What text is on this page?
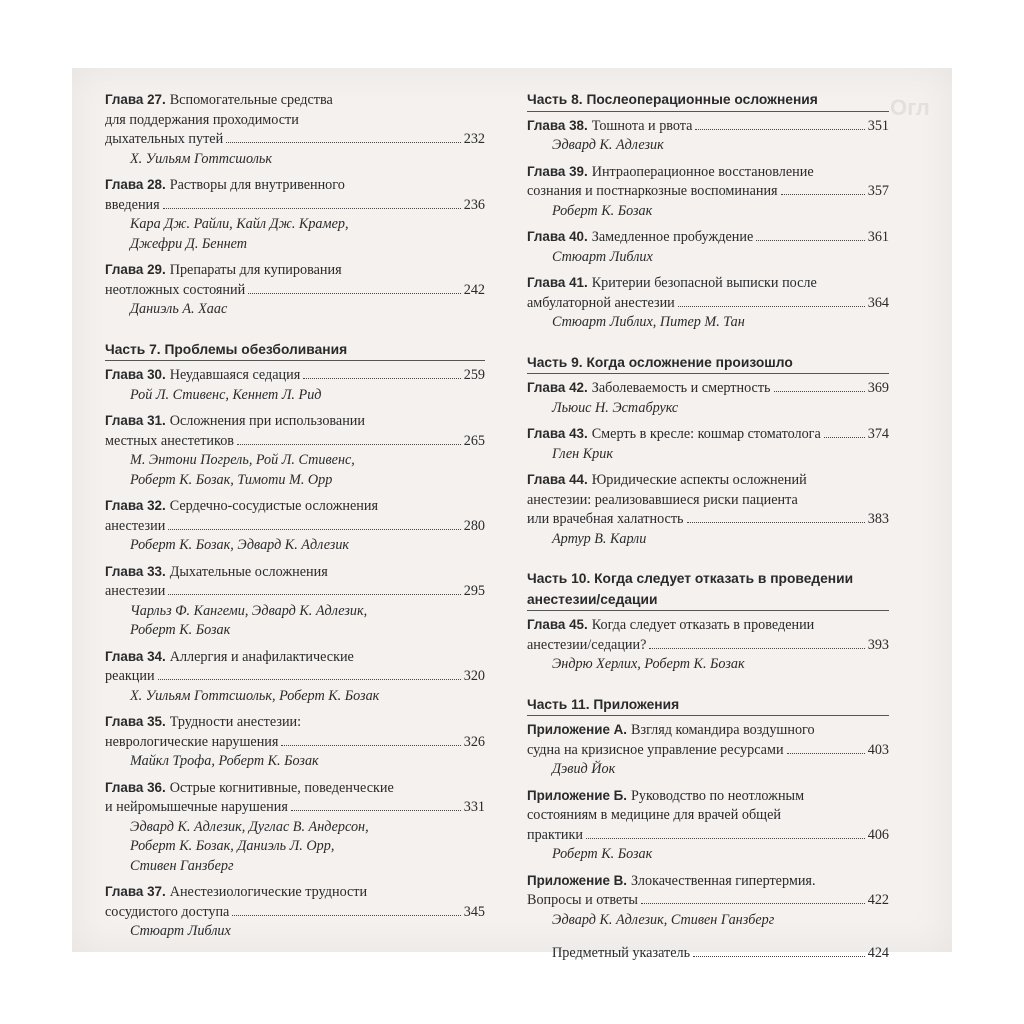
Огл
Глава 27. Вспомогательные средства
для поддержания проходимости
дыхательных путей	232
Х. Уильям Готтсшольк
Глава 28. Растворы для внутривенного
введения	236
Кара Дж. Райли, Кайл Дж. Крамер,
Джефри Д. Беннет
Глава 29. Препараты для купирования
неотложных состояний	242
Даниэль А. Хаас
Часть 7. Проблемы обезболивания
Глава 30. Неудавшаяся седация	259
Рой Л. Стивенс, Кеннет Л. Рид
Глава 31. Осложнения при использовании
местных анестетиков	265
М. Энтони Погрель, Рой Л. Стивенс,
Роберт К. Бозак, Тимоти М. Орр
Глава 32. Сердечно-сосудистые осложнения
анестезии	280
Роберт К. Бозак, Эдвард К. Адлезик
Глава 33. Дыхательные осложнения
анестезии	295
Чарльз Ф. Кангеми, Эдвард К. Адлезик,
Роберт К. Бозак
Глава 34. Аллергия и анафилактические
реакции	320
Х. Уильям Готтсшольк, Роберт К. Бозак
Глава 35. Трудности анестезии:
неврологические нарушения	326
Майкл Трофа, Роберт К. Бозак
Глава 36. Острые когнитивные, поведенческие
и нейромышечные нарушения	331
Эдвард К. Адлезик, Дуглас В. Андерсон,
Роберт К. Бозак, Даниэль Л. Орр,
Стивен Ганзберг
Глава 37. Анестезиологические трудности
сосудистого доступа	345
Стюарт Либлих
Часть 8. Послеоперационные осложнения
Глава 38. Тошнота и рвота	351
Эдвард К. Адлезик
Глава 39. Интраоперационное восстановление
сознания и постнаркозные воспоминания	357
Роберт К. Бозак
Глава 40. Замедленное пробуждение	361
Стюарт Либлих
Глава 41. Критерии безопасной выписки после
амбулаторной анестезии	364
Стюарт Либлих, Питер М. Тан
Часть 9. Когда осложнение произошло
Глава 42. Заболеваемость и смертность	369
Льюис Н. Эстабрукс
Глава 43. Смерть в кресле: кошмар стоматолога	374
Глен Крик
Глава 44. Юридические аспекты осложнений
анестезии: реализовавшиеся риски пациента
или врачебная халатность	383
Артур В. Карли
Часть 10. Когда следует отказать в проведении
анестезии/седации
Глава 45. Когда следует отказать в проведении
анестезии/седации?	393
Эндрю Херлих, Роберт К. Бозак
Часть 11. Приложения
Приложение А. Взгляд командира воздушного
судна на кризисное управление ресурсами	403
Дэвид Йок
Приложение Б. Руководство по неотложным
состояниям в медицине для врачей общей
практики	406
Роберт К. Бозак
Приложение В. Злокачественная гипертермия.
Вопросы и ответы	422
Эдвард К. Адлезик, Стивен Ганзберг
Предметный указатель	424
